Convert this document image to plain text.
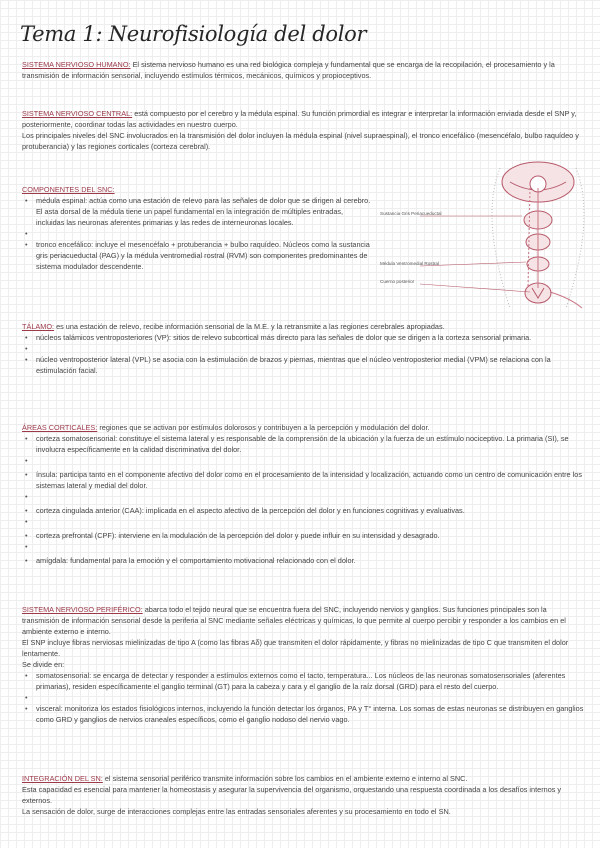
Tema 1: Neurofisiología del dolor

SISTEMA NERVIOSO HUMANO: El sistema nervioso humano es una red biológica compleja y fundamental que se encarga de la recopilación, el procesamiento y la transmisión de información sensorial, incluyendo estímulos térmicos, mecánicos, químicos y propioceptivos.

SISTEMA NERVIOSO CENTRAL: está compuesto por el cerebro y la médula espinal. Su función primordial es integrar e interpretar la información enviada desde el SNP y, posteriormente, coordinar todas las actividades en nuestro cuerpo.

Los principales niveles del SNC involucrados en la transmisión del dolor incluyen la médula espinal (nivel supraespinal), el tronco encefálico (mesencéfalo, bulbo raquídeo y protuberancia) y las regiones corticales (corteza cerebral).

COMPONENTES DEL SNC:

• médula espinal: actúa como una estación de relevo para las señales de dolor que se dirigen al cerebro. El asta dorsal de la médula tiene un papel fundamental en la integración de múltiples entradas, incluidas las neuronas aferentes primarias y las redes de interneuronas locales.
•
• tronco encefálico: incluye el mesencéfalo + protuberancia + bulbo raquídeo. Núcleos como la sustancia gris periacueductal (PAG) y la médula ventromedial rostral (RVM) son componentes predominantes de sistema modulador descendente.
Sustancia Gris Periacueductal
Médula Ventromedial Rostral
Cuerno posterior

TÁLAMO: es una estación de relevo, recibe información sensorial de la M.E. y la retransmite a las regiones cerebrales apropiadas.

• núcleos talámicos ventroposteriores (VP): sitios de relevo subcortical más directo para las señales de dolor que se dirigen a la corteza sensorial primaria.
•
• núcleo ventroposterior lateral (VPL) se asocia con la estimulación de brazos y piernas, mientras que el núcleo ventroposterior medial (VPM) se relaciona con la estimulación facial.

ÁREAS CORTICALES: regiones que se activan por estímulos dolorosos y contribuyen a la percepción y modulación del dolor.

• corteza somatosensorial: constituye el sistema lateral y es responsable de la comprensión de la ubicación y la fuerza de un estímulo nociceptivo. La primaria (SI), se involucra específicamente en la calidad discriminativa del dolor.
•
• ínsula: participa tanto en el componente afectivo del dolor como en el procesamiento de la intensidad y localización, actuando como un centro de comunicación entre los sistemas lateral y medial del dolor.
•
• corteza cingulada anterior (CAA): implicada en el aspecto afectivo de la percepción del dolor y en funciones cognitivas y evaluativas.
•
• corteza prefrontal (CPF): interviene en la modulación de la percepción del dolor y puede influir en su intensidad y desagrado.
•
• amígdala: fundamental para la emoción y el comportamiento motivacional relacionado con el dolor.

SISTEMA NERVIOSO PERIFÉRICO: abarca todo el tejido neural que se encuentra fuera del SNC, incluyendo nervios y ganglios. Sus funciones principales son la transmisión de información sensorial desde la periferia al SNC mediante señales eléctricas y químicas, lo que permite al cuerpo percibir y responder a los cambios en el ambiente externo e interno.

El SNP incluye fibras nerviosas mielinizadas de tipo A (como las fibras Aδ) que transmiten el dolor rápidamente, y fibras no mielinizadas de tipo C que transmiten el dolor lentamente.

Se divide en:

• somatosensorial: se encarga de detectar y responder a estímulos externos como el tacto, temperatura... Los núcleos de las neuronas somatosensoriales (aferentes primarias), residen específicamente el ganglio terminal (GT) para la cabeza y cara y el ganglio de la raíz dorsal (GRD) para el resto del cuerpo.
•
• visceral: monitoriza los estados fisiológicos internos, incluyendo la función detectar los órganos, PA y T° interna. Los somas de estas neuronas se distribuyen en ganglios como GRD y ganglios de nervios craneales específicos, como el ganglio nodoso del nervio vago.

INTEGRACIÓN DEL SN: el sistema sensorial periférico transmite información sobre los cambios en el ambiente externo e interno al SNC.

Esta capacidad es esencial para mantener la homeostasis y asegurar la supervivencia del organismo, orquestando una respuesta coordinada a los desafíos internos y externos.

La sensación de dolor, surge de interacciones complejas entre las entradas sensoriales aferentes y su procesamiento en todo el SN.
